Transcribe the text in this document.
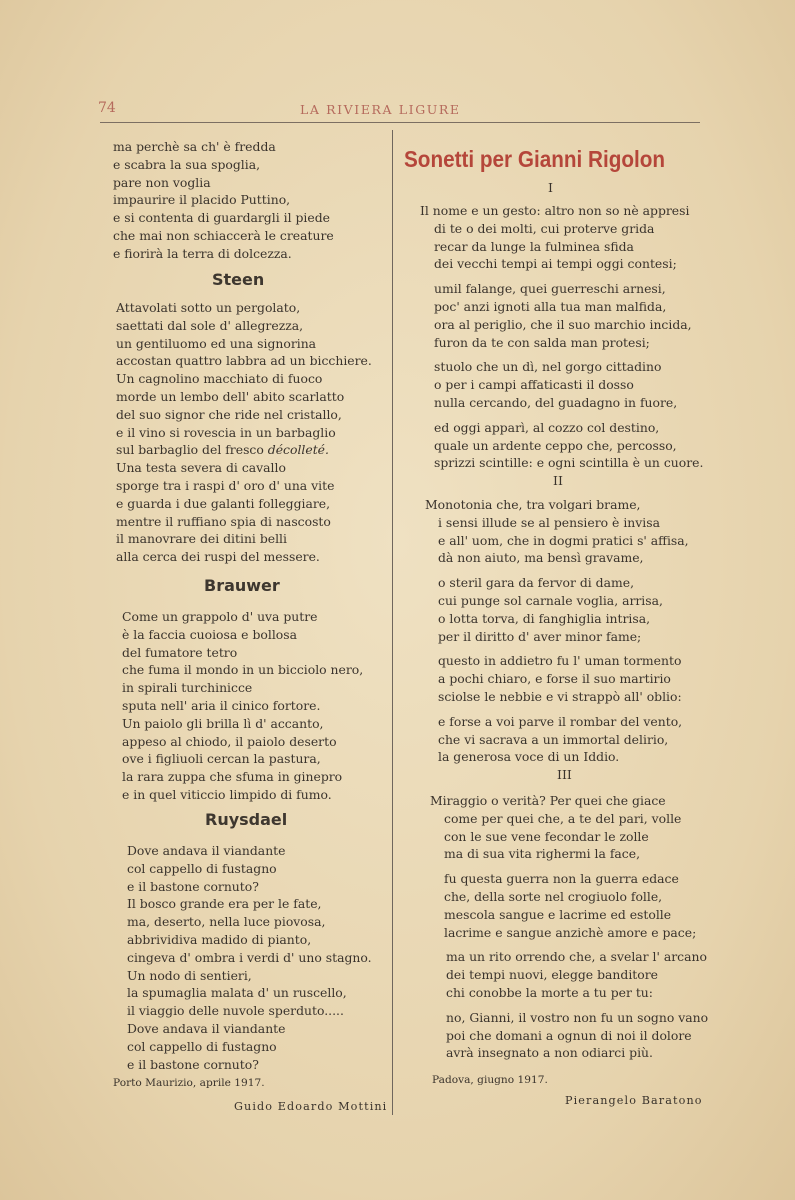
74	LA RIVIERA LIGURE
ma perchè sa ch' è fredda
e scabra la sua spoglia,
pare non voglia
impaurire il placido Puttino,
e si contenta di guardargli il piede
che mai non schiaccerà le creature
e fiorirà la terra di dolcezza.
Steen
Attavolati sotto un pergolato,
saettati dal sole d' allegrezza,
un gentiluomo ed una signorina
accostan quattro labbra ad un bicchiere.
Un cagnolino macchiato di fuoco
morde un lembo dell' abito scarlatto
del suo signor che ride nel cristallo,
e il vino si rovescia in un barbaglio
sul barbaglio del fresco décolleté.
Una testa severa di cavallo
sporge tra i raspi d' oro d' una vite
e guarda i due galanti folleggiare,
mentre il ruffiano spia di nascosto
il manovrare dei ditini belli
alla cerca dei ruspi del messere.
Brauwer
Come un grappolo d' uva putre
è la faccia cuoiosa e bollosa
del fumatore tetro
che fuma il mondo in un bicciolo nero,
in spirali turchinicce
sputa nell' aria il cinico fortore.
Un paiolo gli brilla lì d' accanto,
appeso al chiodo, il paiolo deserto
ove i figliuoli cercan la pastura,
la rara zuppa che sfuma in ginepro
e in quel viticcio limpido di fumo.
Ruysdael
Dove andava il viandante
col cappello di fustagno
e il bastone cornuto?
Il bosco grande era per le fate,
ma, deserto, nella luce piovosa,
abbrividiva madido di pianto,
cingeva d' ombra i verdi d' uno stagno.
Un nodo di sentieri,
la spumaglia malata d' un ruscello,
il viaggio delle nuvole sperduto.....
Dove andava il viandante
col cappello di fustagno
e il bastone cornuto?
Porto Maurizio, aprile 1917.
Guido Edoardo Mottini
Sonetti per Gianni Rigolon
I
Il nome e un gesto: altro non so nè appresi
di te o dei molti, cui proterve grida
recar da lunge la fulminea sfida
dei vecchi tempi ai tempi oggi contesi;
umil falange, quei guerreschi arnesi,
poc' anzi ignoti alla tua man malfida,
ora al periglio, che il suo marchio incida,
furon da te con salda man protesi;
stuolo che un dì, nel gorgo cittadino
o per i campi affaticasti il dosso
nulla cercando, del guadagno in fuore,
ed oggi apparì, al cozzo col destino,
quale un ardente ceppo che, percosso,
sprizzi scintille: e ogni scintilla è un cuore.
II
Monotonia che, tra volgari brame,
i sensi illude se al pensiero è invisa
e all' uom, che in dogmi pratici s' affisa,
dà non aiuto, ma bensì gravame,
o steril gara da fervor di dame,
cui punge sol carnale voglia, arrisa,
o lotta torva, di fanghiglia intrisa,
per il diritto d' aver minor fame;
questo in addietro fu l' uman tormento
a pochi chiaro, e forse il suo martirio
sciolse le nebbie e vi strappò all' oblio:
e forse a voi parve il rombar del vento,
che vi sacrava a un immortal delirio,
la generosa voce di un Iddio.
III
Miraggio o verità? Per quei che giace
come per quei che, a te del pari, volle
con le sue vene fecondar le zolle
ma di sua vita righermi la face,
fu questa guerra non la guerra edace
che, della sorte nel crogiuolo folle,
mescola sangue e lacrime ed estolle
lacrime e sangue anzichè amore e pace;
ma un rito orrendo che, a svelar l' arcano
dei tempi nuovi, elegge banditore
chi conobbe la morte a tu per tu:
no, Gianni, il vostro non fu un sogno vano
poi che domani a ognun di noi il dolore
avrà insegnato a non odiarci più.
Padova, giugno 1917.
Pierangelo Baratono
